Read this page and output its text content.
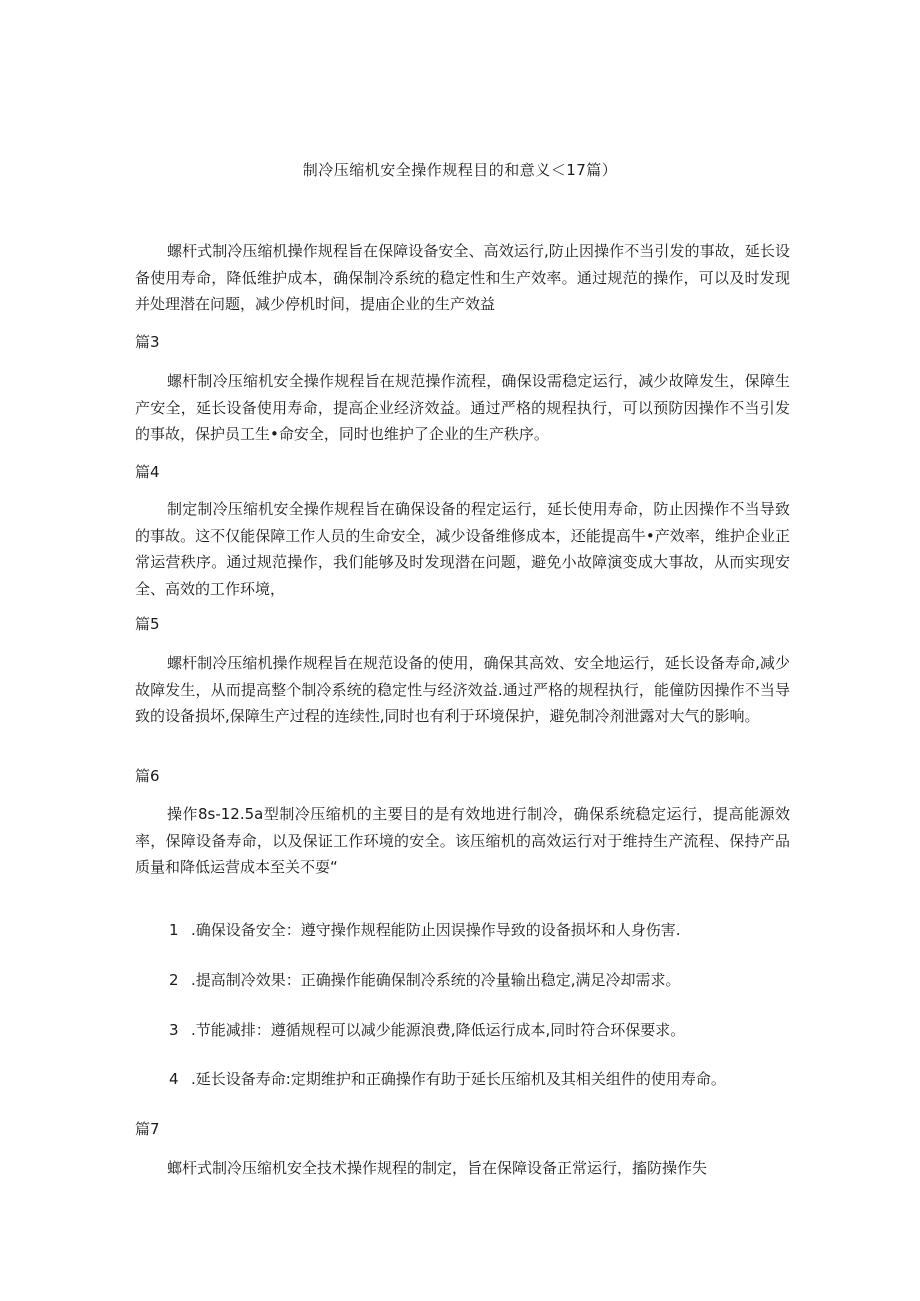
制冷压缩机安全操作规程目的和意义＜17篇）
螺杆式制冷压缩机操作规程旨在保障设备安全、高效运行,防止因操作不当引发的事故，延长设备使用寿命，降低维护成本，确保制冷系统的稳定性和生产效率。通过规范的操作，可以及时发现并处理潜在问题，减少停机时间，提庙企业的生产效益
篇3
螺杆制冷压缩机安全操作规程旨在规范操作流程，确保设需稳定运行，减少故障发生，保障生产安全，延长设备使用寿命，提高企业经济效益。通过严格的规程执行，可以预防因操作不当引发的事故，保护员工生•命安全，同时也维护了企业的生产秩序。
篇4
制定制冷压缩机安全操作规程旨在确保设备的程定运行，延长使用寿命，防止因操作不当导致的事故。这不仅能保障工作人员的生命安全，减少设备维修成本，还能提高牛•产效率，维护企业正常运营秩序。通过规范操作，我们能够及时发现潜在问题，避免小故障演变成大事故，从而实现安全、高效的工作环境，
篇5
螺杆制冷压缩机操作规程旨在规范设备的使用，确保其高效、安全地运行，延长设备寿命,减少故障发生，从而提高整个制冷系统的稳定性与经济效益.通过严格的规程执行，能僮防因操作不当导致的设备损坏,保障生产过程的连续性,同时也有利于环境保护，避免制冷剂泄露对大气的影响。
篇6
操作8s-12.5a型制冷压缩机的主要目的是有效地进行制冷，确保系统稳定运行，提高能源效率，保障设备寿命，以及保证工作环境的安全。该压缩机的高效运行对于维持生产流程、保持产品质量和降低运营成本至关不耍“
1 .确保设备安全：遵守操作规程能防止因误操作导致的设备损坏和人身伤害.
2 .提高制冷效果：正确操作能确保制冷系统的冷量输出稳定,满足冷却需求。
3 .节能减排：遵循规程可以减少能源浪费,降低运行成本,同时符合环保要求。
4 .延长设备寿命:定期维护和正确操作有助于延长压缩机及其相关组件的使用寿命。
篇7
螂杆式制冷压缩机安全技术操作规程的制定，旨在保障设备正常运行，搐防操作失
